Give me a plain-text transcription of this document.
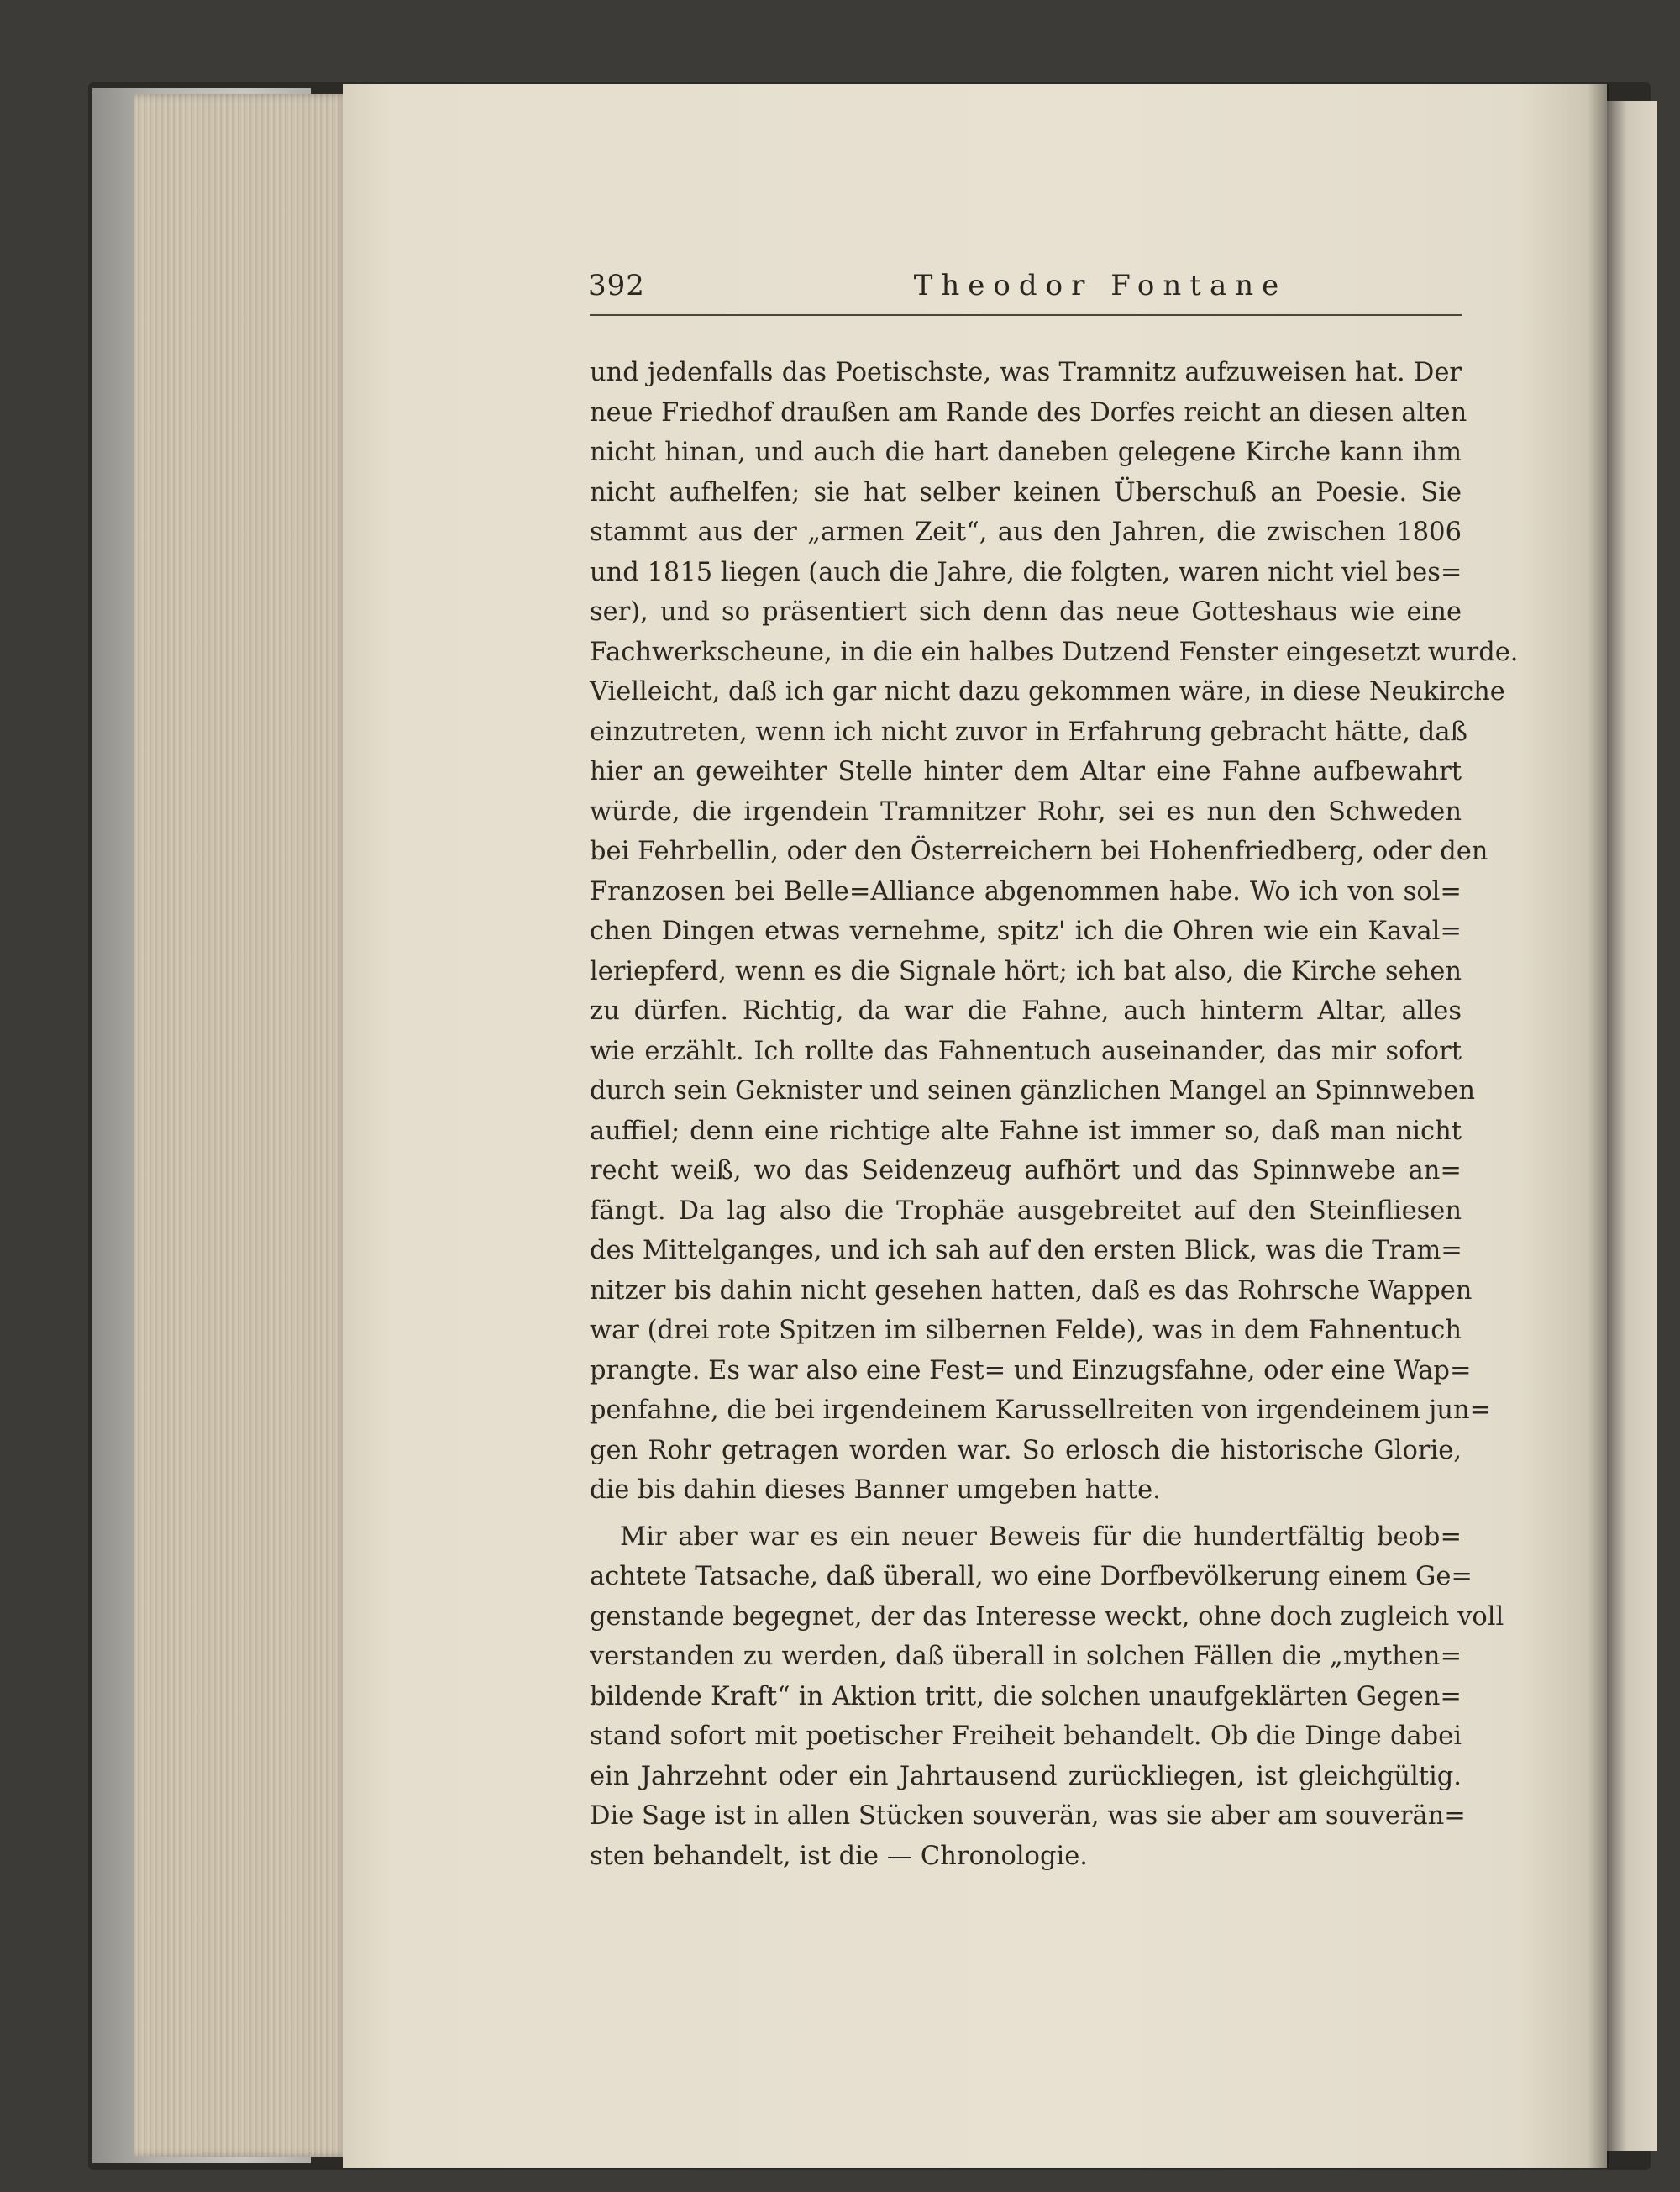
392	Theodor Fontane
und jedenfalls das Poetischste, was Tramnitz aufzuweisen hat. Der
neue Friedhof draußen am Rande des Dorfes reicht an diesen alten
nicht hinan, und auch die hart daneben gelegene Kirche kann ihm
nicht aufhelfen; sie hat selber keinen Überschuß an Poesie. Sie
stammt aus der „armen Zeit“, aus den Jahren, die zwischen 1806
und 1815 liegen (auch die Jahre, die folgten, waren nicht viel bes=
ser), und so präsentiert sich denn das neue Gotteshaus wie eine
Fachwerkscheune, in die ein halbes Dutzend Fenster eingesetzt wurde.
Vielleicht, daß ich gar nicht dazu gekommen wäre, in diese Neukirche
einzutreten, wenn ich nicht zuvor in Erfahrung gebracht hätte, daß
hier an geweihter Stelle hinter dem Altar eine Fahne aufbewahrt
würde, die irgendein Tramnitzer Rohr, sei es nun den Schweden
bei Fehrbellin, oder den Österreichern bei Hohenfriedberg, oder den
Franzosen bei Belle=Alliance abgenommen habe. Wo ich von sol=
chen Dingen etwas vernehme, spitz' ich die Ohren wie ein Kaval=
leriepferd, wenn es die Signale hört; ich bat also, die Kirche sehen
zu dürfen. Richtig, da war die Fahne, auch hinterm Altar, alles
wie erzählt. Ich rollte das Fahnentuch auseinander, das mir sofort
durch sein Geknister und seinen gänzlichen Mangel an Spinnweben
auffiel; denn eine richtige alte Fahne ist immer so, daß man nicht
recht weiß, wo das Seidenzeug aufhört und das Spinnwebe an=
fängt. Da lag also die Trophäe ausgebreitet auf den Steinfliesen
des Mittelganges, und ich sah auf den ersten Blick, was die Tram=
nitzer bis dahin nicht gesehen hatten, daß es das Rohrsche Wappen
war (drei rote Spitzen im silbernen Felde), was in dem Fahnentuch
prangte. Es war also eine Fest= und Einzugsfahne, oder eine Wap=
penfahne, die bei irgendeinem Karussellreiten von irgendeinem jun=
gen Rohr getragen worden war. So erlosch die historische Glorie,
die bis dahin dieses Banner umgeben hatte.
Mir aber war es ein neuer Beweis für die hundertfältig beob=
achtete Tatsache, daß überall, wo eine Dorfbevölkerung einem Ge=
genstande begegnet, der das Interesse weckt, ohne doch zugleich voll
verstanden zu werden, daß überall in solchen Fällen die „mythen=
bildende Kraft“ in Aktion tritt, die solchen unaufgeklärten Gegen=
stand sofort mit poetischer Freiheit behandelt. Ob die Dinge dabei
ein Jahrzehnt oder ein Jahrtausend zurückliegen, ist gleichgültig.
Die Sage ist in allen Stücken souverän, was sie aber am souverän=
sten behandelt, ist die — Chronologie.
